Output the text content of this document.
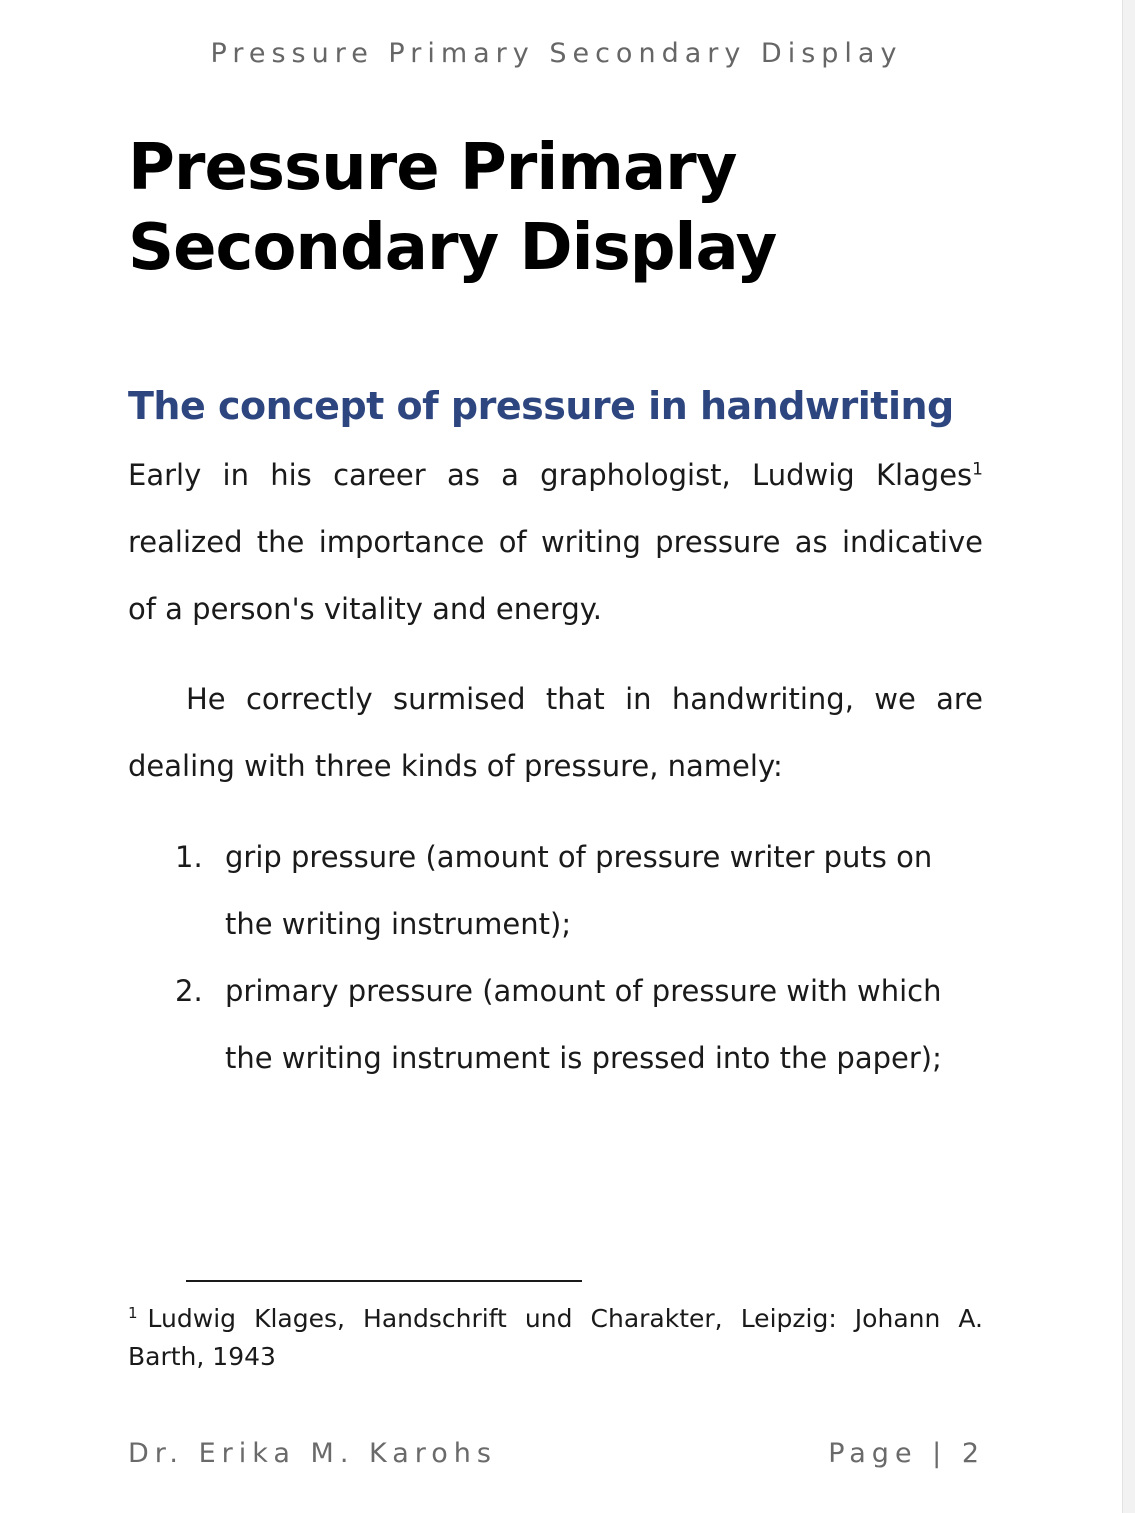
Pressure Primary Secondary Display
Pressure Primary
Secondary Display
The concept of pressure in handwriting

Early in his career as a graphologist, Ludwig Klages$^1$ realized the importance of writing pressure as indicative of a person's vitality and energy.

He correctly surmised that in handwriting, we are dealing with three kinds of pressure, namely:

1. grip pressure (amount of pressure writer puts on the writing instrument);
2. primary pressure (amount of pressure with which the writing instrument is pressed into the paper);

$^1$ Ludwig Klages, Handschrift und Charakter, Leipzig: Johann A. Barth, 1943

Dr. Erika M. Karohs	Page | 2
